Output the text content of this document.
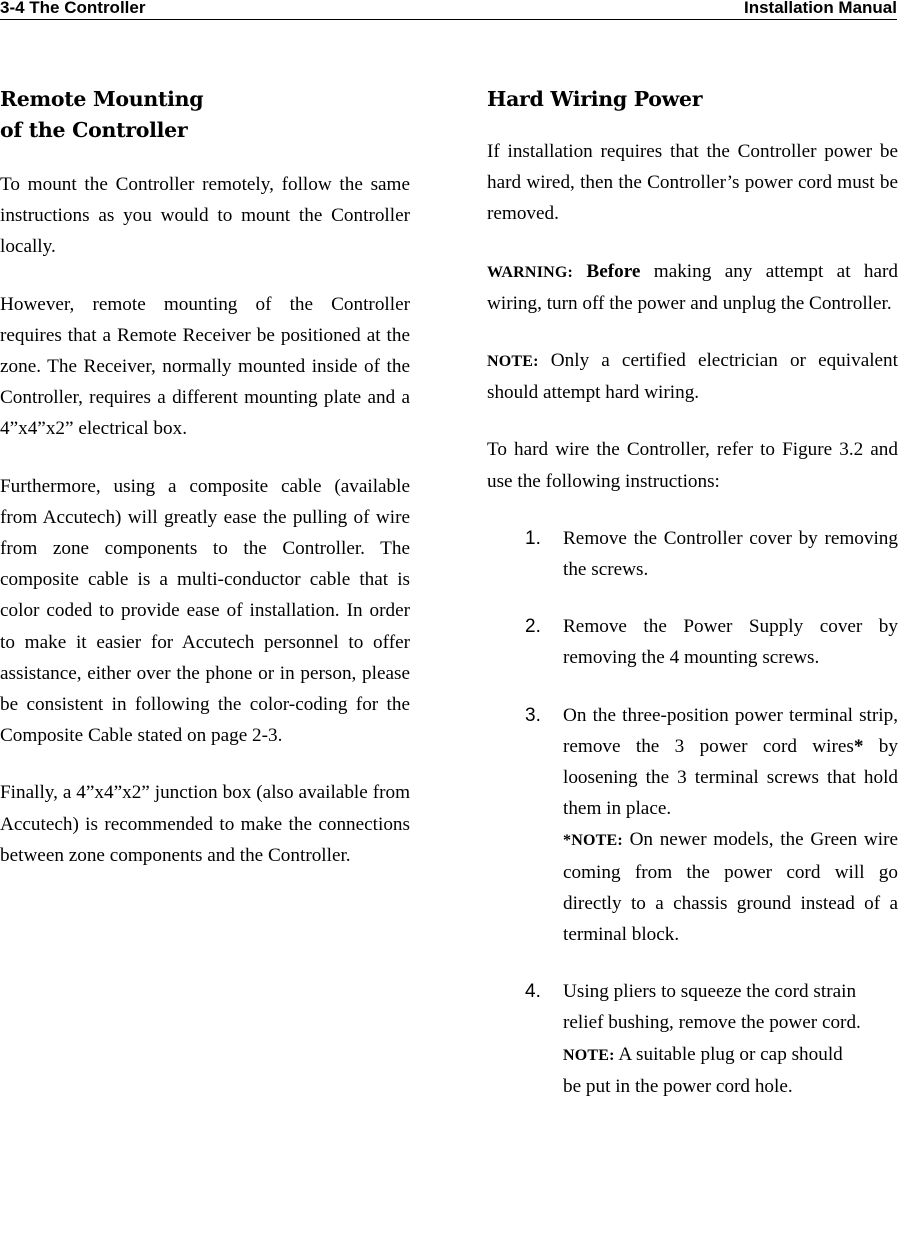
3-4 The Controller	Installation Manual
Remote Mounting
of the Controller

To mount the Controller remotely, follow the same instructions as you would to mount the Controller locally.

However, remote mounting of the Controller requires that a Remote Receiver be positioned at the zone. The Receiver, normally mounted inside of the Controller, requires a different mounting plate and a 4”x4”x2” electrical box.

Furthermore, using a composite cable (available from Accutech) will greatly ease the pulling of wire from zone components to the Controller. The composite cable is a multi-conductor cable that is color coded to provide ease of installation. In order to make it easier for Accutech personnel to offer assistance, either over the phone or in person, please be consistent in following the color-coding for the Composite Cable stated on page 2-3.

Finally, a 4”x4”x2” junction box (also available from Accutech) is recommended to make the connections between zone components and the Controller.

Hard Wiring Power

If installation requires that the Controller power be hard wired, then the Controller’s power cord must be removed.

WARNING: Before making any attempt at hard wiring, turn off the power and unplug the Controller.

NOTE: Only a certified electrician or equivalent should attempt hard wiring.

To hard wire the Controller, refer to Figure 3.2 and use the following instructions:

1. Remove the Controller cover by removing the screws.

2. Remove the Power Supply cover by removing the 4 mounting screws.

3. On the three-position power terminal strip, remove the 3 power cord wires* by loosening the 3 terminal screws that hold them in place.

*NOTE: On newer models, the Green wire coming from the power cord will go directly to a chassis ground instead of a terminal block.

4. Using pliers to squeeze the cord strain relief bushing, remove the power cord.

NOTE: A suitable plug or cap should be put in the power cord hole.
